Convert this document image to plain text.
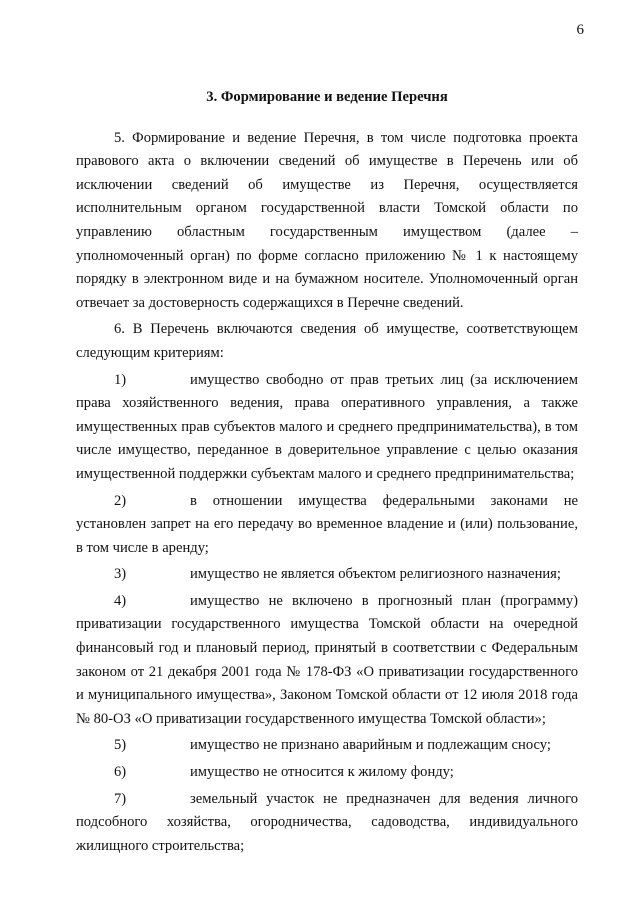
6
3. Формирование и ведение Перечня

5. Формирование и ведение Перечня, в том числе подготовка проекта правового акта о включении сведений об имуществе в Перечень или об исключении сведений об имуществе из Перечня, осуществляется исполнительным органом государственной власти Томской области по управлению областным государственным имуществом (далее – уполномоченный орган) по форме согласно приложению № 1 к настоящему порядку в электронном виде и на бумажном носителе. Уполномоченный орган отвечает за достоверность содержащихся в Перечне сведений.

6. В Перечень включаются сведения об имуществе, соответствующем следующим критериям:

1)	имущество свободно от прав третьих лиц (за исключением права хозяйственного ведения, права оперативного управления, а также имущественных прав субъектов малого и среднего предпринимательства), в том числе имущество, переданное в доверительное управление с целью оказания имущественной поддержки субъектам малого и среднего предпринимательства;

2)	в отношении имущества федеральными законами не установлен запрет на его передачу во временное владение и (или) пользование, в том числе в аренду;

3)	имущество не является объектом религиозного назначения;

4)	имущество не включено в прогнозный план (программу) приватизации государственного имущества Томской области на очередной финансовый год и плановый период, принятый в соответствии с Федеральным законом от 21 декабря 2001 года № 178-ФЗ «О приватизации государственного и муниципального имущества», Законом Томской области от 12 июля 2018 года № 80-ОЗ «О приватизации государственного имущества Томской области»;

5)	имущество не признано аварийным и подлежащим сносу;

6)	имущество не относится к жилому фонду;

7)	земельный участок не предназначен для ведения личного подсобного хозяйства, огородничества, садоводства, индивидуального жилищного строительства;
